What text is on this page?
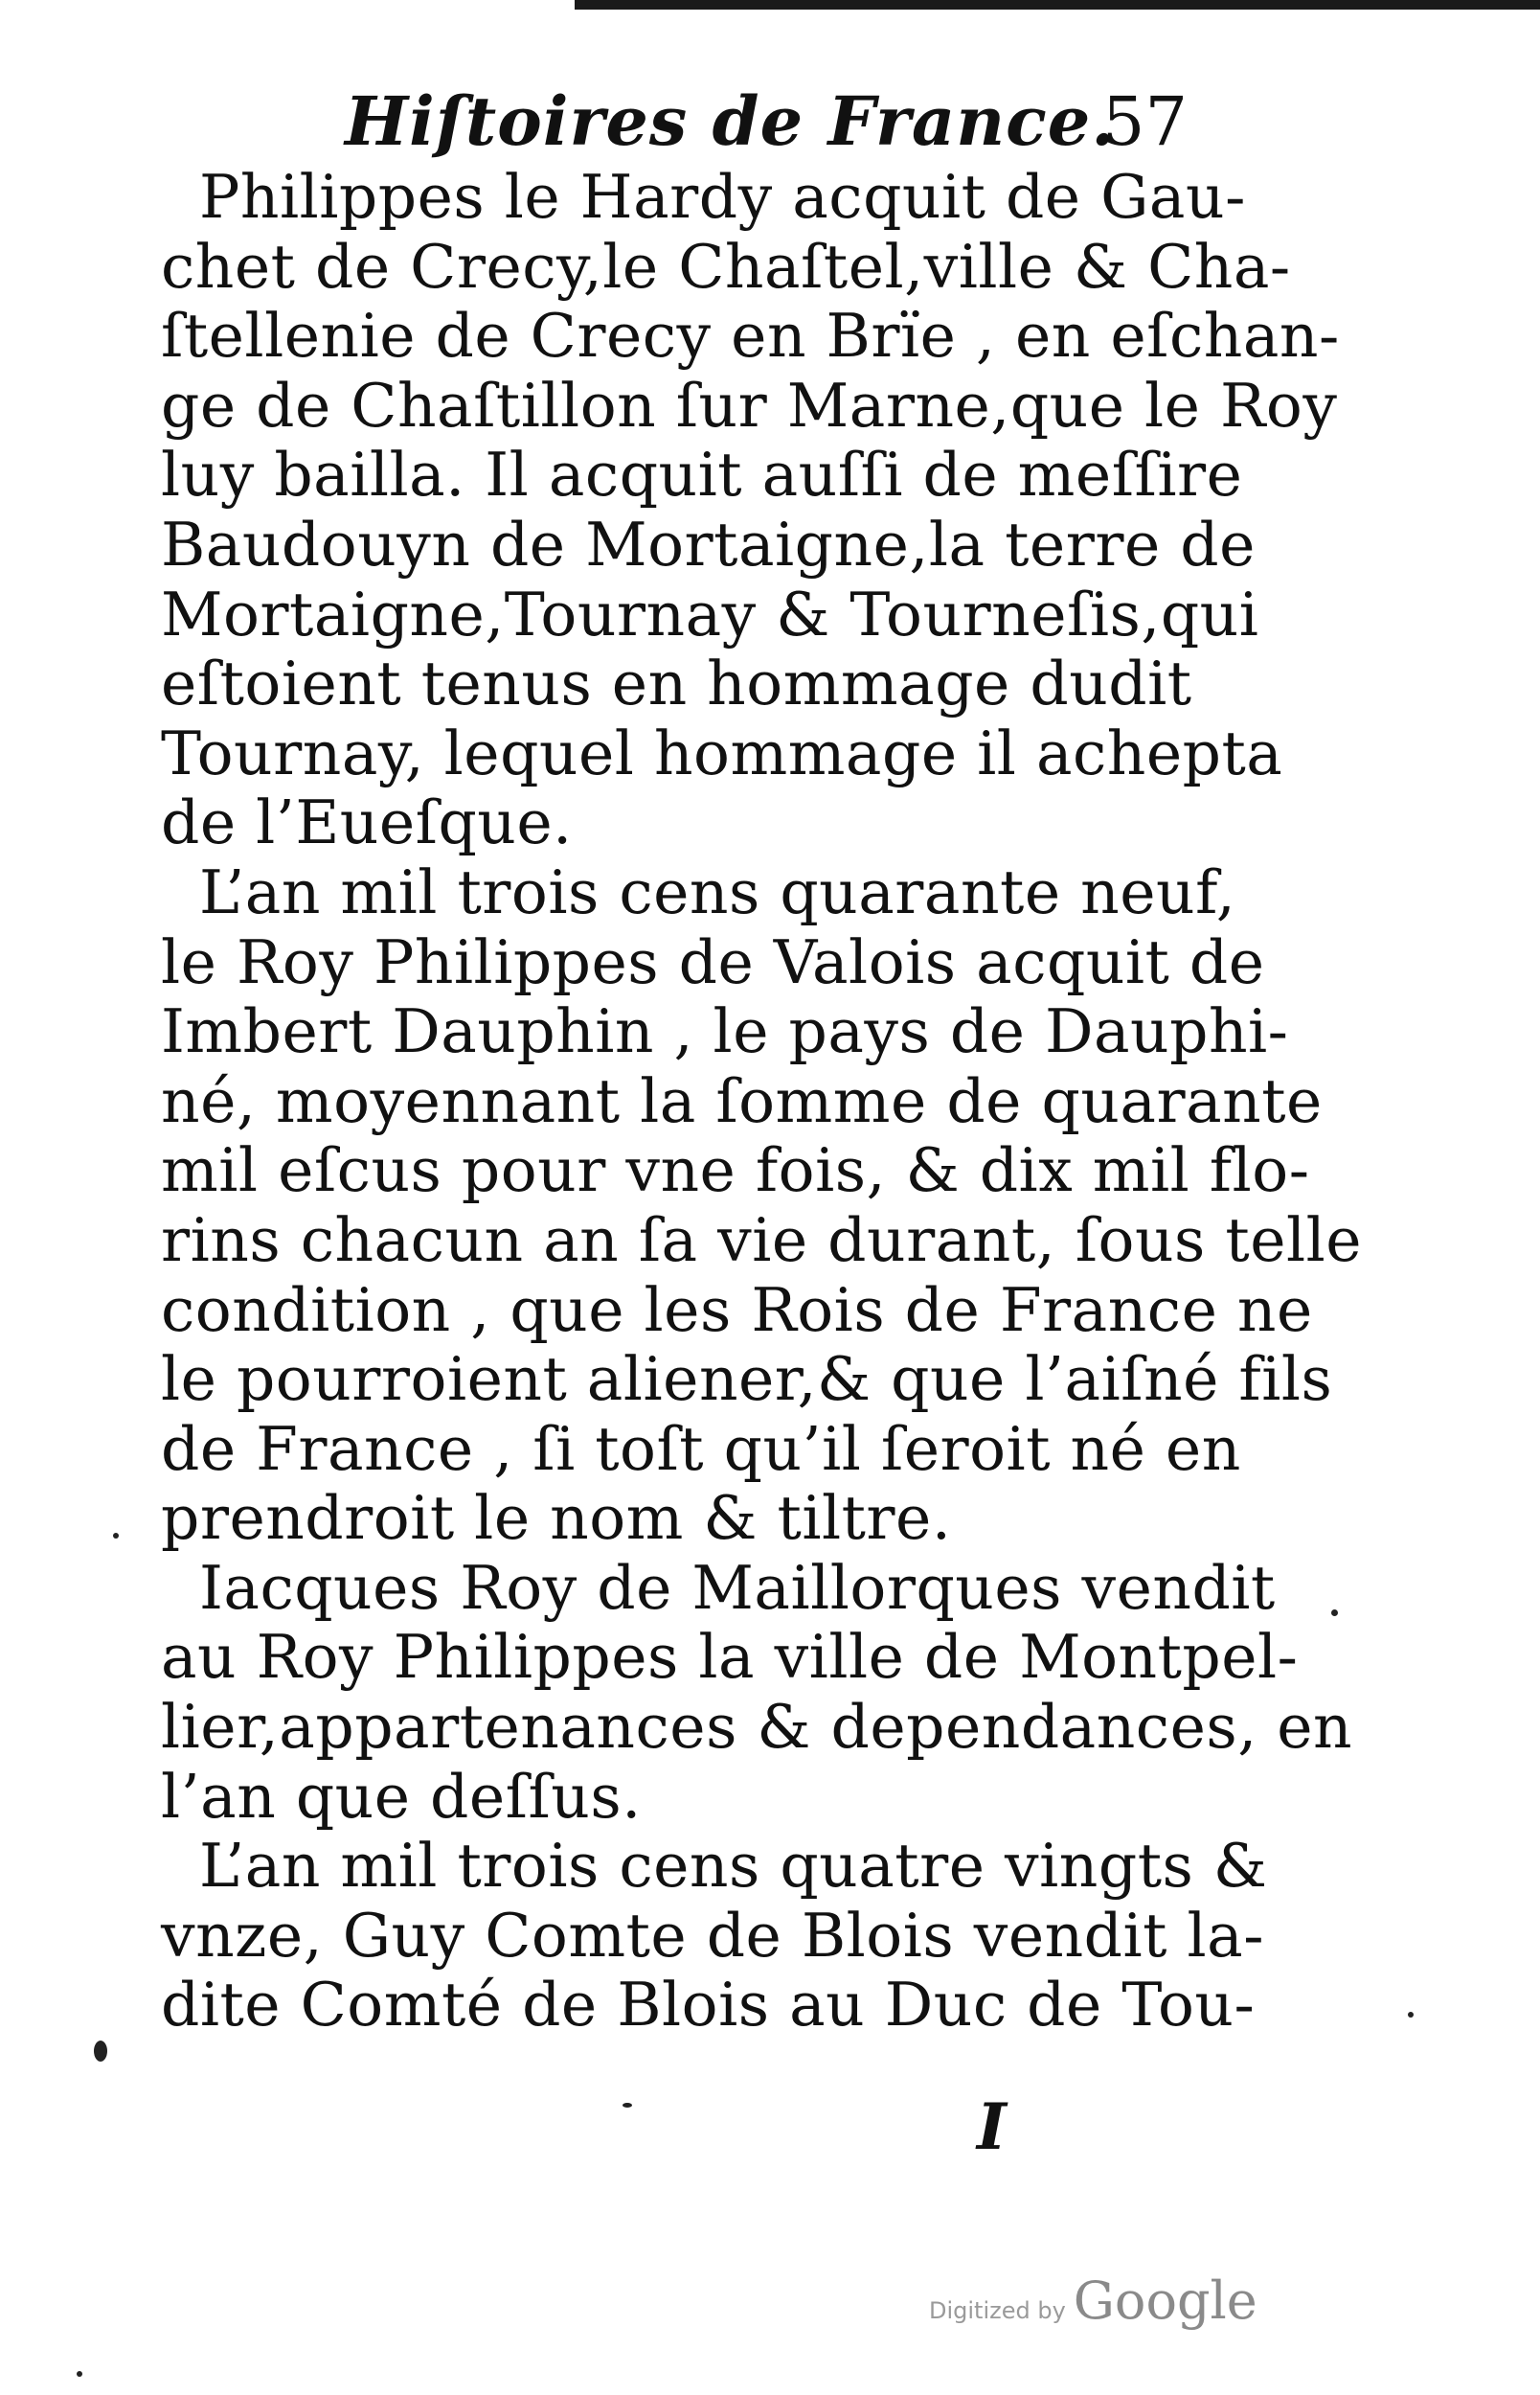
Hiſtoires de France.
57
Philippes le Hardy acquit de Gau-
chet de Crecy,le Chaſtel,ville & Cha-
ſtellenie de Crecy en Brïe , en eſchan-
ge de Chaſtillon ſur Marne,que le Roy
luy bailla. Il acquit auſſi de meſſire
Baudouyn de Mortaigne,la terre de
Mortaigne,Tournay & Tourneſis,qui
eſtoient tenus en hommage dudit
Tournay, lequel hommage il achepta
de l’Eueſque.
L’an mil trois cens quarante neuf,
le Roy Philippes de Valois acquit de
Imbert Dauphin , le pays de Dauphi-
né, moyennant la ſomme de quarante
mil eſcus pour vne fois, & dix mil flo-
rins chacun an ſa vie durant, ſous telle
condition , que les Rois de France ne
le pourroient aliener,& que l’aiſné fils
de France , ſi toſt qu’il ſeroit né en
prendroit le nom & tiltre.
Iacques Roy de Maillorques vendit
au Roy Philippes la ville de Montpel-
lier,appartenances & dependances, en
l’an que deſſus.
L’an mil trois cens quatre vingts &
vnze, Guy Comte de Blois vendit la-
dite Comté de Blois au Duc de Tou-
I
Digitized by Google
